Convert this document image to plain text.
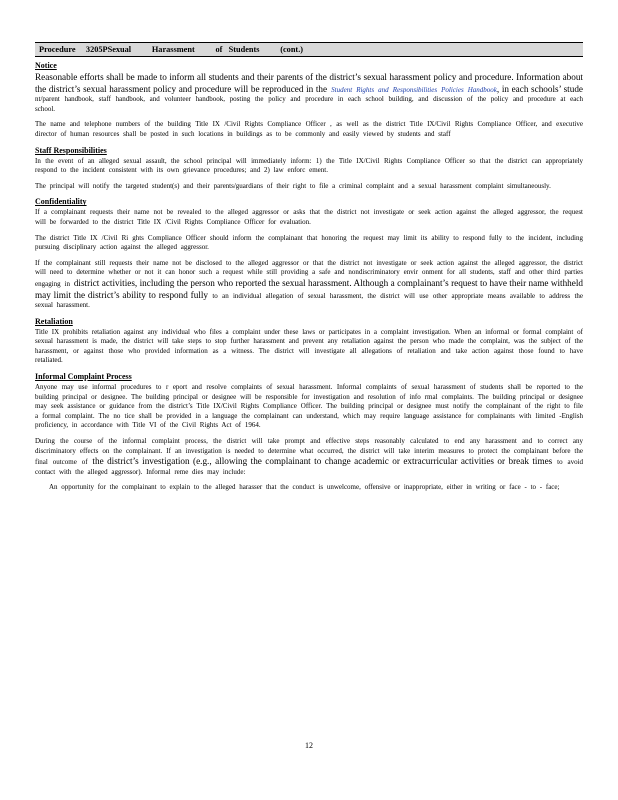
Procedure     3205PSexual          Harassment          of   Students          (cont.)
Notice

Reasonable efforts shall be made to inform all students and their parents of the district’s sexual harassment policy and procedure. Information about the district’s sexual harassment policy and procedure will be reproduced in the Student Rights and Responsibilities Policies Handbook, in each schools’ stude nt/parent handbook, staff handbook, and volunteer handbook, posting the policy and procedure in each school building, and discussion of the policy and procedure at each school.

The name and telephone numbers of the building Title IX /Civil Rights Compliance Officer , as well as the district Title IX/Civil Rights Compliance Officer, and executive director of human resources shall be posted in such locations in buildings as to be commonly and easily viewed by students and staff

Staff Responsibilities

In the event of an alleged sexual assault, the school principal will immediately inform: 1) the Title IX/Civil Rights Compliance Officer so that the district can appropriately respond to the incident consistent with its own grievance procedures; and 2) law enforc ement.

The principal will notify the targeted student(s) and their parents/guardians of their right to file a criminal complaint and a sexual harassment complaint simultaneously.

Confidentiality

If a complainant requests their name not be revealed to the alleged aggressor or asks that the district not investigate or seek action against the alleged aggressor, the request will be forwarded to the district Title IX /Civil Rights Compliance Officer for evaluation.

The district Title IX /Civil Ri ghts Compliance Officer should inform the complainant that honoring the request may limit its ability to respond fully to the incident, including pursuing disciplinary action against the alleged aggressor.

If the complainant still requests their name not be disclosed to the alleged aggressor or that the district not investigate or seek action against the alleged aggressor, the district will need to determine whether or not it can honor such a request while still providing a safe and nondiscriminatory envir onment for all students, staff and other third parties engaging in district activities, including the person who reported the sexual harassment. Although a complainant’s request to have their name withheld may limit the district’s ability to respond fully to an individual allegation of sexual harassment, the district will use other appropriate means available to address the sexual harassment.

Retaliation

Title IX prohibits retaliation against any individual who files a complaint under these laws or participates in a complaint investigation. When an informal or formal complaint of sexual harassment is made, the district will take steps to stop further harassment and prevent any retaliation against the person who made the complaint, was the subject of the harassment, or against those who provided information as a witness. The district will investigate all allegations of retaliation and take action against those found to have retaliated.

Informal Complaint Process

Anyone may use informal procedures to r eport and resolve complaints of sexual harassment. Informal complaints of sexual harassment of students shall be reported to the building principal or designee. The building principal or designee will be responsible for investigation and resolution of info rmal complaints. The building principal or designee may seek assistance or guidance from the district’s Title IX/Civil Rights Compliance Officer. The building principal or designee must notify the complainant of the right to file a formal complaint. The no tice shall be provided in a language the complainant can understand, which may require language assistance for complainants with limited -English proficiency, in accordance with Title VI of the Civil Rights Act of 1964.

During the course of the informal complaint process, the district will take prompt and effective steps reasonably calculated to end any harassment and to correct any discriminatory effects on the complainant. If an investigation is needed to determine what occurred, the district will take interim measures to protect the complainant before the final outcome of the district’s investigation (e.g., allowing the complainant to change academic or extracurricular activities or break times to avoid contact with the alleged aggressor). Informal reme dies may include:

An opportunity for the complainant to explain to the alleged harasser that the conduct is unwelcome, offensive or inappropriate, either in writing or face - to - face;
12
